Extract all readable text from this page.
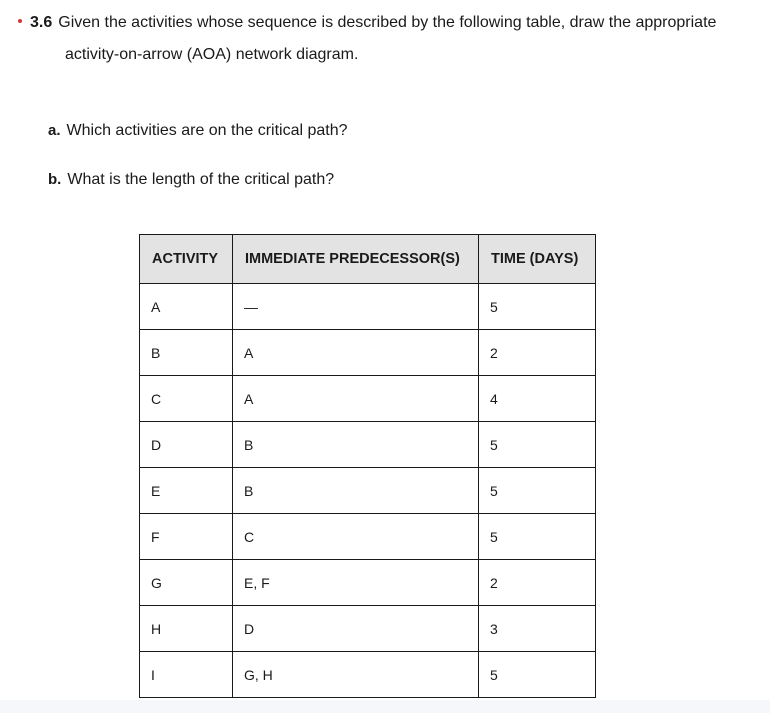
3.6 Given the activities whose sequence is described by the following table, draw the appropriate
activity-on-arrow (AOA) network diagram.
a. Which activities are on the critical path?
b. What is the length of the critical path?
ACTIVITY	IMMEDIATE PREDECESSOR(S)	TIME (DAYS)
A	—	5
B	A	2
C	A	4
D	B	5
E	B	5
F	C	5
G	E, F	2
H	D	3
I	G, H	5
